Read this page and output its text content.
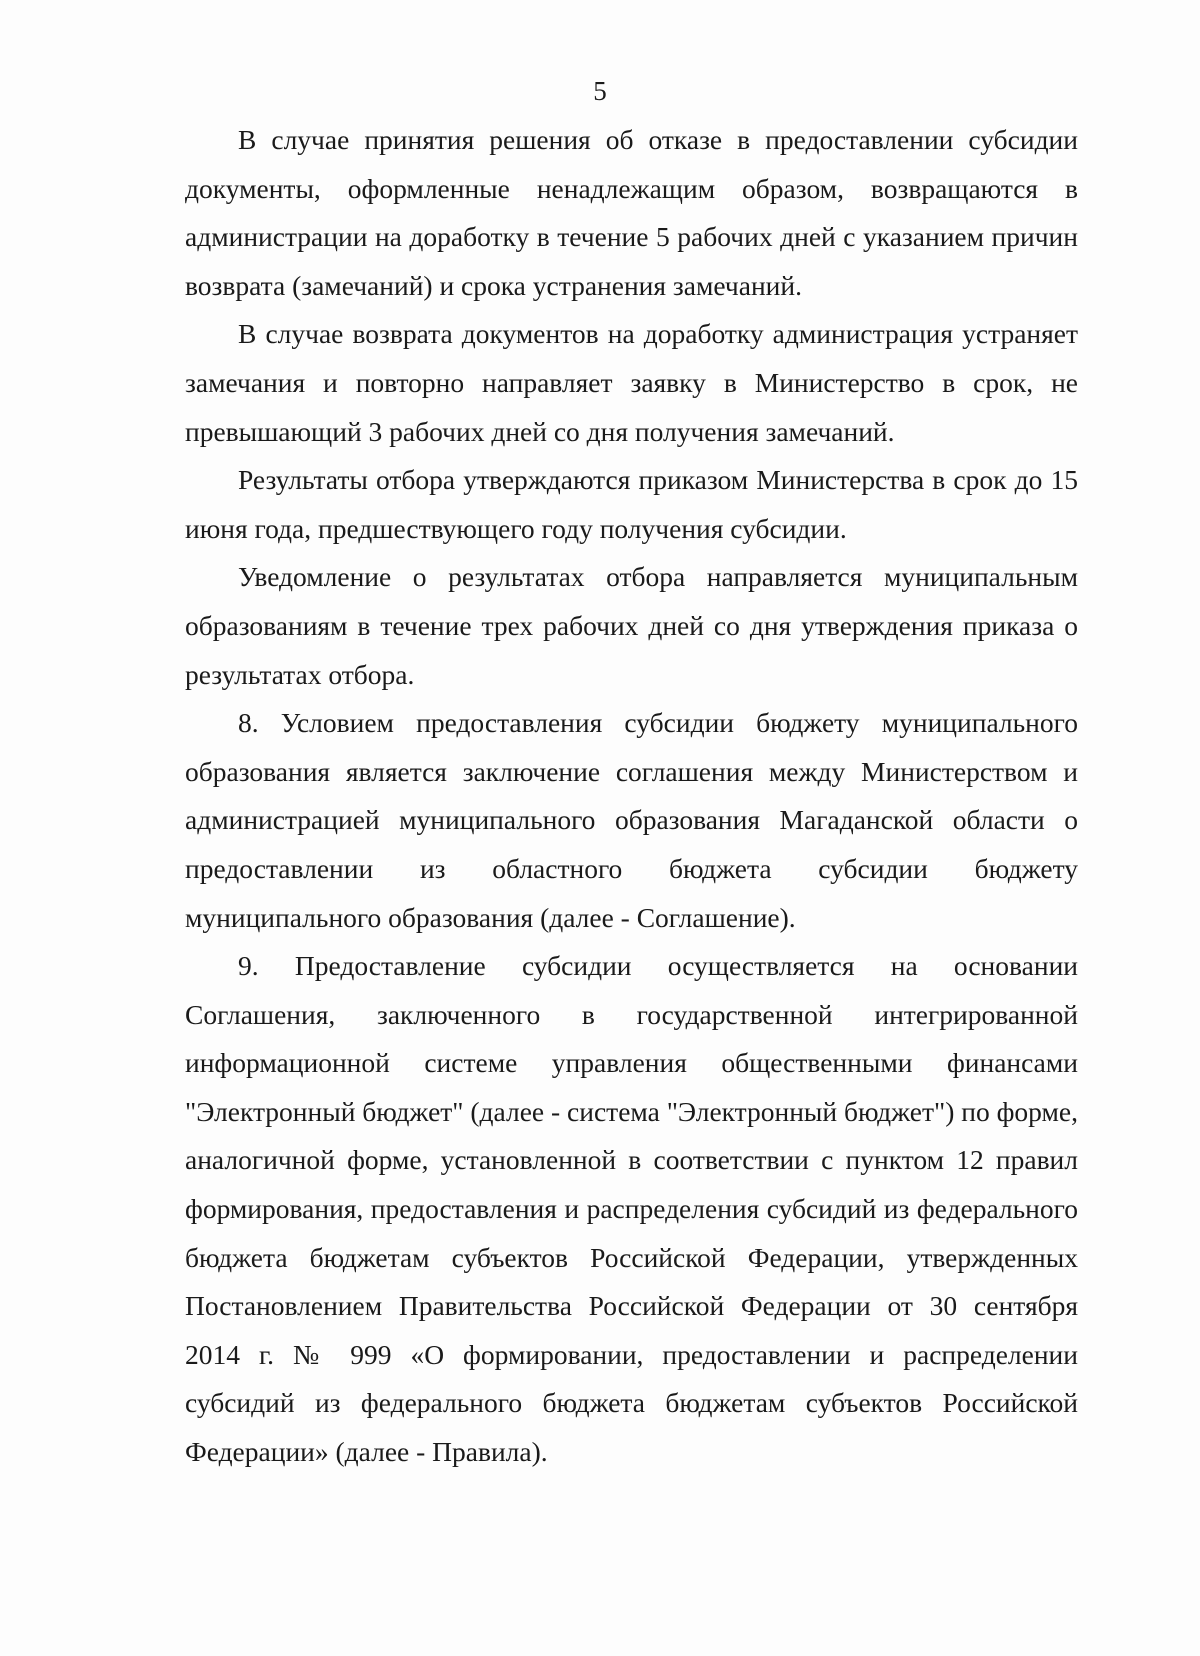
5

В случае принятия решения об отказе в предоставлении субсидии документы, оформленные ненадлежащим образом, возвращаются в администрации на доработку в течение 5 рабочих дней с указанием причин возврата (замечаний) и срока устранения замечаний.

В случае возврата документов на доработку администрация устраняет замечания и повторно направляет заявку в Министерство в срок, не превышающий 3 рабочих дней со дня получения замечаний.

Результаты отбора утверждаются приказом Министерства в срок до 15 июня года, предшествующего году получения субсидии.

Уведомление о результатах отбора направляется муниципальным образованиям в течение трех рабочих дней со дня утверждения приказа о результатах отбора.

8. Условием предоставления субсидии бюджету муниципального образования является заключение соглашения между Министерством и администрацией муниципального образования Магаданской области о предоставлении из областного бюджета субсидии бюджету муниципального образования (далее - Соглашение).

9. Предоставление субсидии осуществляется на основании Соглашения, заключенного в государственной интегрированной информационной системе управления общественными финансами "Электронный бюджет" (далее - система "Электронный бюджет") по форме, аналогичной форме, установленной в соответствии с пунктом 12 правил формирования, предоставления и распределения субсидий из федерального бюджета бюджетам субъектов Российской Федерации, утвержденных Постановлением Правительства Российской Федерации от 30 сентября 2014 г. № 999 «О формировании, предоставлении и распределении субсидий из федерального бюджета бюджетам субъектов Российской Федерации» (далее - Правила).
